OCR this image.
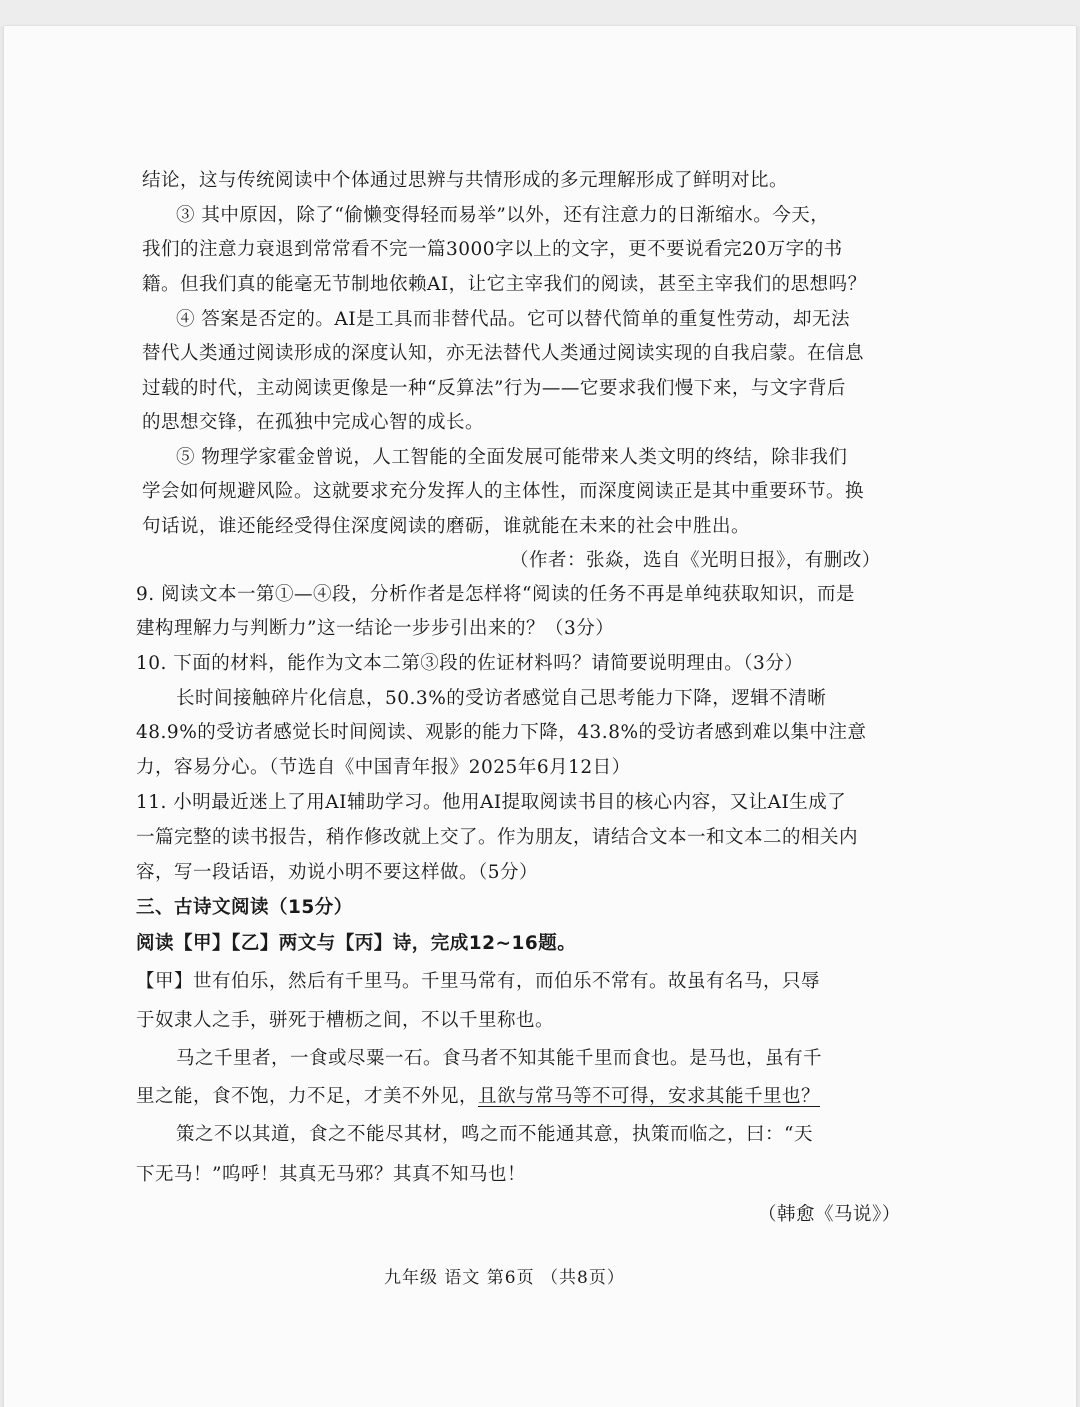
结论，这与传统阅读中个体通过思辨与共情形成的多元理解形成了鲜明对比。
③ 其中原因，除了“偷懒变得轻而易举”以外，还有注意力的日渐缩水。今天，
我们的注意力衰退到常常看不完一篇3000字以上的文字，更不要说看完20万字的书
籍。但我们真的能毫无节制地依赖AI，让它主宰我们的阅读，甚至主宰我们的思想吗？
④ 答案是否定的。AI是工具而非替代品。它可以替代简单的重复性劳动，却无法
替代人类通过阅读形成的深度认知，亦无法替代人类通过阅读实现的自我启蒙。在信息
过载的时代，主动阅读更像是一种“反算法”行为——它要求我们慢下来，与文字背后
的思想交锋，在孤独中完成心智的成长。
⑤ 物理学家霍金曾说，人工智能的全面发展可能带来人类文明的终结，除非我们
学会如何规避风险。这就要求充分发挥人的主体性，而深度阅读正是其中重要环节。换
句话说，谁还能经受得住深度阅读的磨砺，谁就能在未来的社会中胜出。
（作者：张焱，选自《光明日报》，有删改）
9. 阅读文本一第①—④段，分析作者是怎样将“阅读的任务不再是单纯获取知识，而是
建构理解力与判断力”这一结论一步步引出来的？（3分）
10. 下面的材料，能作为文本二第③段的佐证材料吗？请简要说明理由。（3分）
长时间接触碎片化信息，50.3%的受访者感觉自己思考能力下降，逻辑不清晰
48.9%的受访者感觉长时间阅读、观影的能力下降，43.8%的受访者感到难以集中注意
力，容易分心。（节选自《中国青年报》2025年6月12日）
11. 小明最近迷上了用AI辅助学习。他用AI提取阅读书目的核心内容，又让AI生成了
一篇完整的读书报告，稍作修改就上交了。作为朋友，请结合文本一和文本二的相关内
容，写一段话语，劝说小明不要这样做。（5分）
三、古诗文阅读（15分）
阅读【甲】【乙】两文与【丙】诗，完成12~16题。
【甲】世有伯乐，然后有千里马。千里马常有，而伯乐不常有。故虽有名马，只辱
于奴隶人之手，骈死于槽枥之间，不以千里称也。
马之千里者，一食或尽粟一石。食马者不知其能千里而食也。是马也，虽有千
里之能，食不饱，力不足，才美不外见，且欲与常马等不可得，安求其能千里也？
策之不以其道，食之不能尽其材，鸣之而不能通其意，执策而临之，曰：“天
下无马！”呜呼！其真无马邪？其真不知马也！
（韩愈《马说》）
九年级 语文 第6页 （共8页）
